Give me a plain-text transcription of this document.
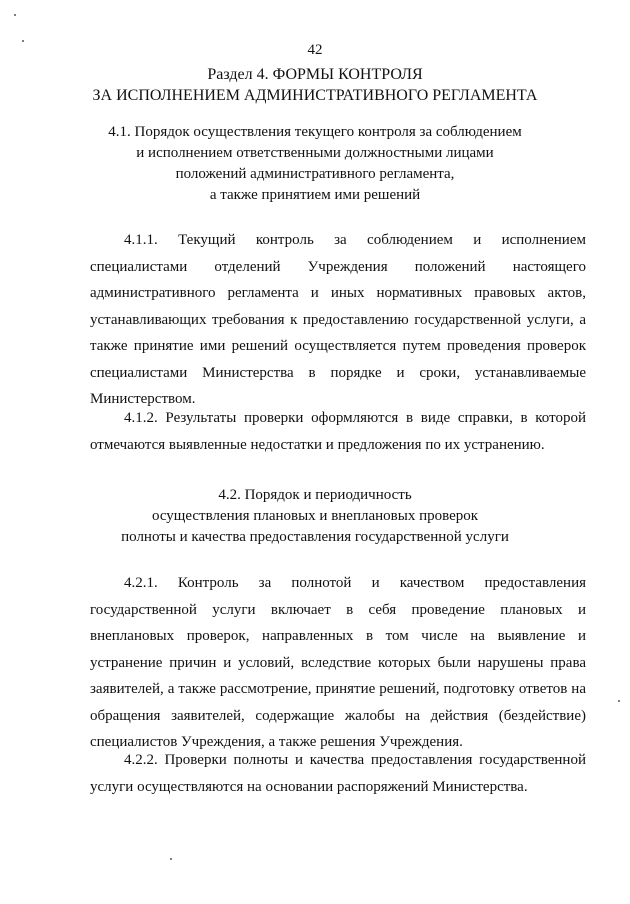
42
Раздел 4. ФОРМЫ КОНТРОЛЯ
ЗА ИСПОЛНЕНИЕМ АДМИНИСТРАТИВНОГО РЕГЛАМЕНТА
4.1. Порядок осуществления текущего контроля за соблюдением
и исполнением ответственными должностными лицами
положений административного регламента,
а также принятием ими решений
4.1.1. Текущий контроль за соблюдением и исполнением
специалистами отделений Учреждения положений настоящего
административного регламента и иных нормативных правовых актов,
устанавливающих требования к предоставлению государственной услуги, а
также принятие ими решений осуществляется путем проведения проверок
специалистами Министерства в порядке и сроки, устанавливаемые
Министерством.
4.1.2. Результаты проверки оформляются в виде справки, в которой
отмечаются выявленные недостатки и предложения по их устранению.
4.2. Порядок и периодичность
осуществления плановых и внеплановых проверок
полноты и качества предоставления государственной услуги
4.2.1. Контроль за полнотой и качеством предоставления
государственной услуги включает в себя проведение плановых и
внеплановых проверок, направленных в том числе на выявление и
устранение причин и условий, вследствие которых были нарушены права
заявителей, а также рассмотрение, принятие решений, подготовку ответов на
обращения заявителей, содержащие жалобы на действия (бездействие)
специалистов Учреждения, а также решения Учреждения.
4.2.2. Проверки полноты и качества предоставления государственной
услуги осуществляются на основании распоряжений Министерства.
